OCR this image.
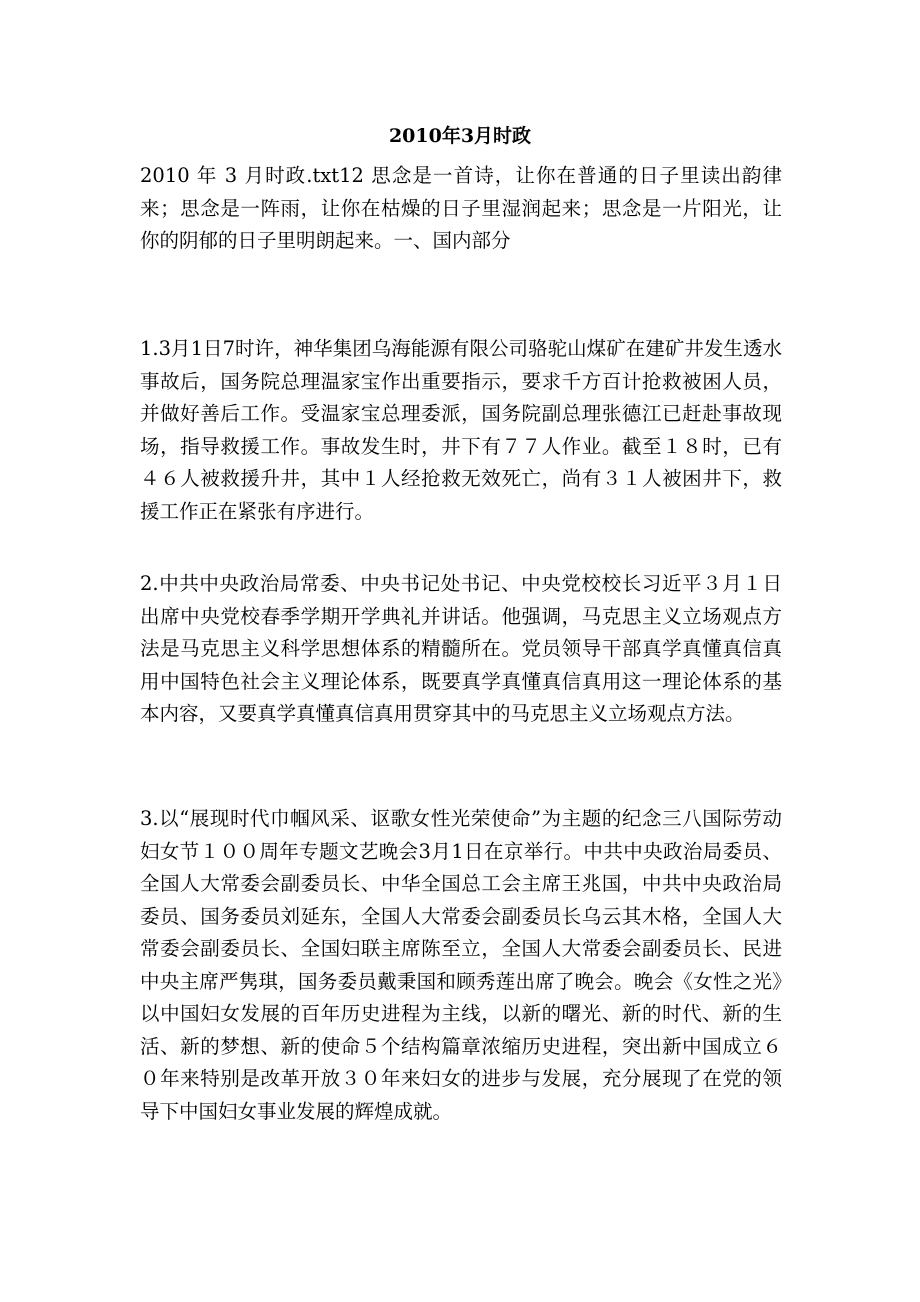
2010年3月时政

2010 年 3 月时政.txt12 思念是一首诗，让你在普通的日子里读出韵律来；思念是一阵雨，让你在枯燥的日子里湿润起来；思念是一片阳光，让你的阴郁的日子里明朗起来。一、国内部分

1.3月1日7时许，神华集团乌海能源有限公司骆驼山煤矿在建矿井发生透水事故后，国务院总理温家宝作出重要指示，要求千方百计抢救被困人员，并做好善后工作。受温家宝总理委派，国务院副总理张德江已赶赴事故现场，指导救援工作。事故发生时，井下有７７人作业。截至１８时，已有４６人被救援升井，其中１人经抢救无效死亡，尚有３１人被困井下，救援工作正在紧张有序进行。

2.中共中央政治局常委、中央书记处书记、中央党校校长习近平３月１日出席中央党校春季学期开学典礼并讲话。他强调，马克思主义立场观点方法是马克思主义科学思想体系的精髓所在。党员领导干部真学真懂真信真用中国特色社会主义理论体系，既要真学真懂真信真用这一理论体系的基本内容，又要真学真懂真信真用贯穿其中的马克思主义立场观点方法。

3.以“展现时代巾帼风采、讴歌女性光荣使命”为主题的纪念三八国际劳动妇女节１００周年专题文艺晚会3月1日在京举行。中共中央政治局委员、全国人大常委会副委员长、中华全国总工会主席王兆国，中共中央政治局委员、国务委员刘延东，全国人大常委会副委员长乌云其木格，全国人大常委会副委员长、全国妇联主席陈至立，全国人大常委会副委员长、民进中央主席严隽琪，国务委员戴秉国和顾秀莲出席了晚会。晚会《女性之光》以中国妇女发展的百年历史进程为主线，以新的曙光、新的时代、新的生活、新的梦想、新的使命５个结构篇章浓缩历史进程，突出新中国成立６０年来特别是改革开放３０年来妇女的进步与发展，充分展现了在党的领导下中国妇女事业发展的辉煌成就。
